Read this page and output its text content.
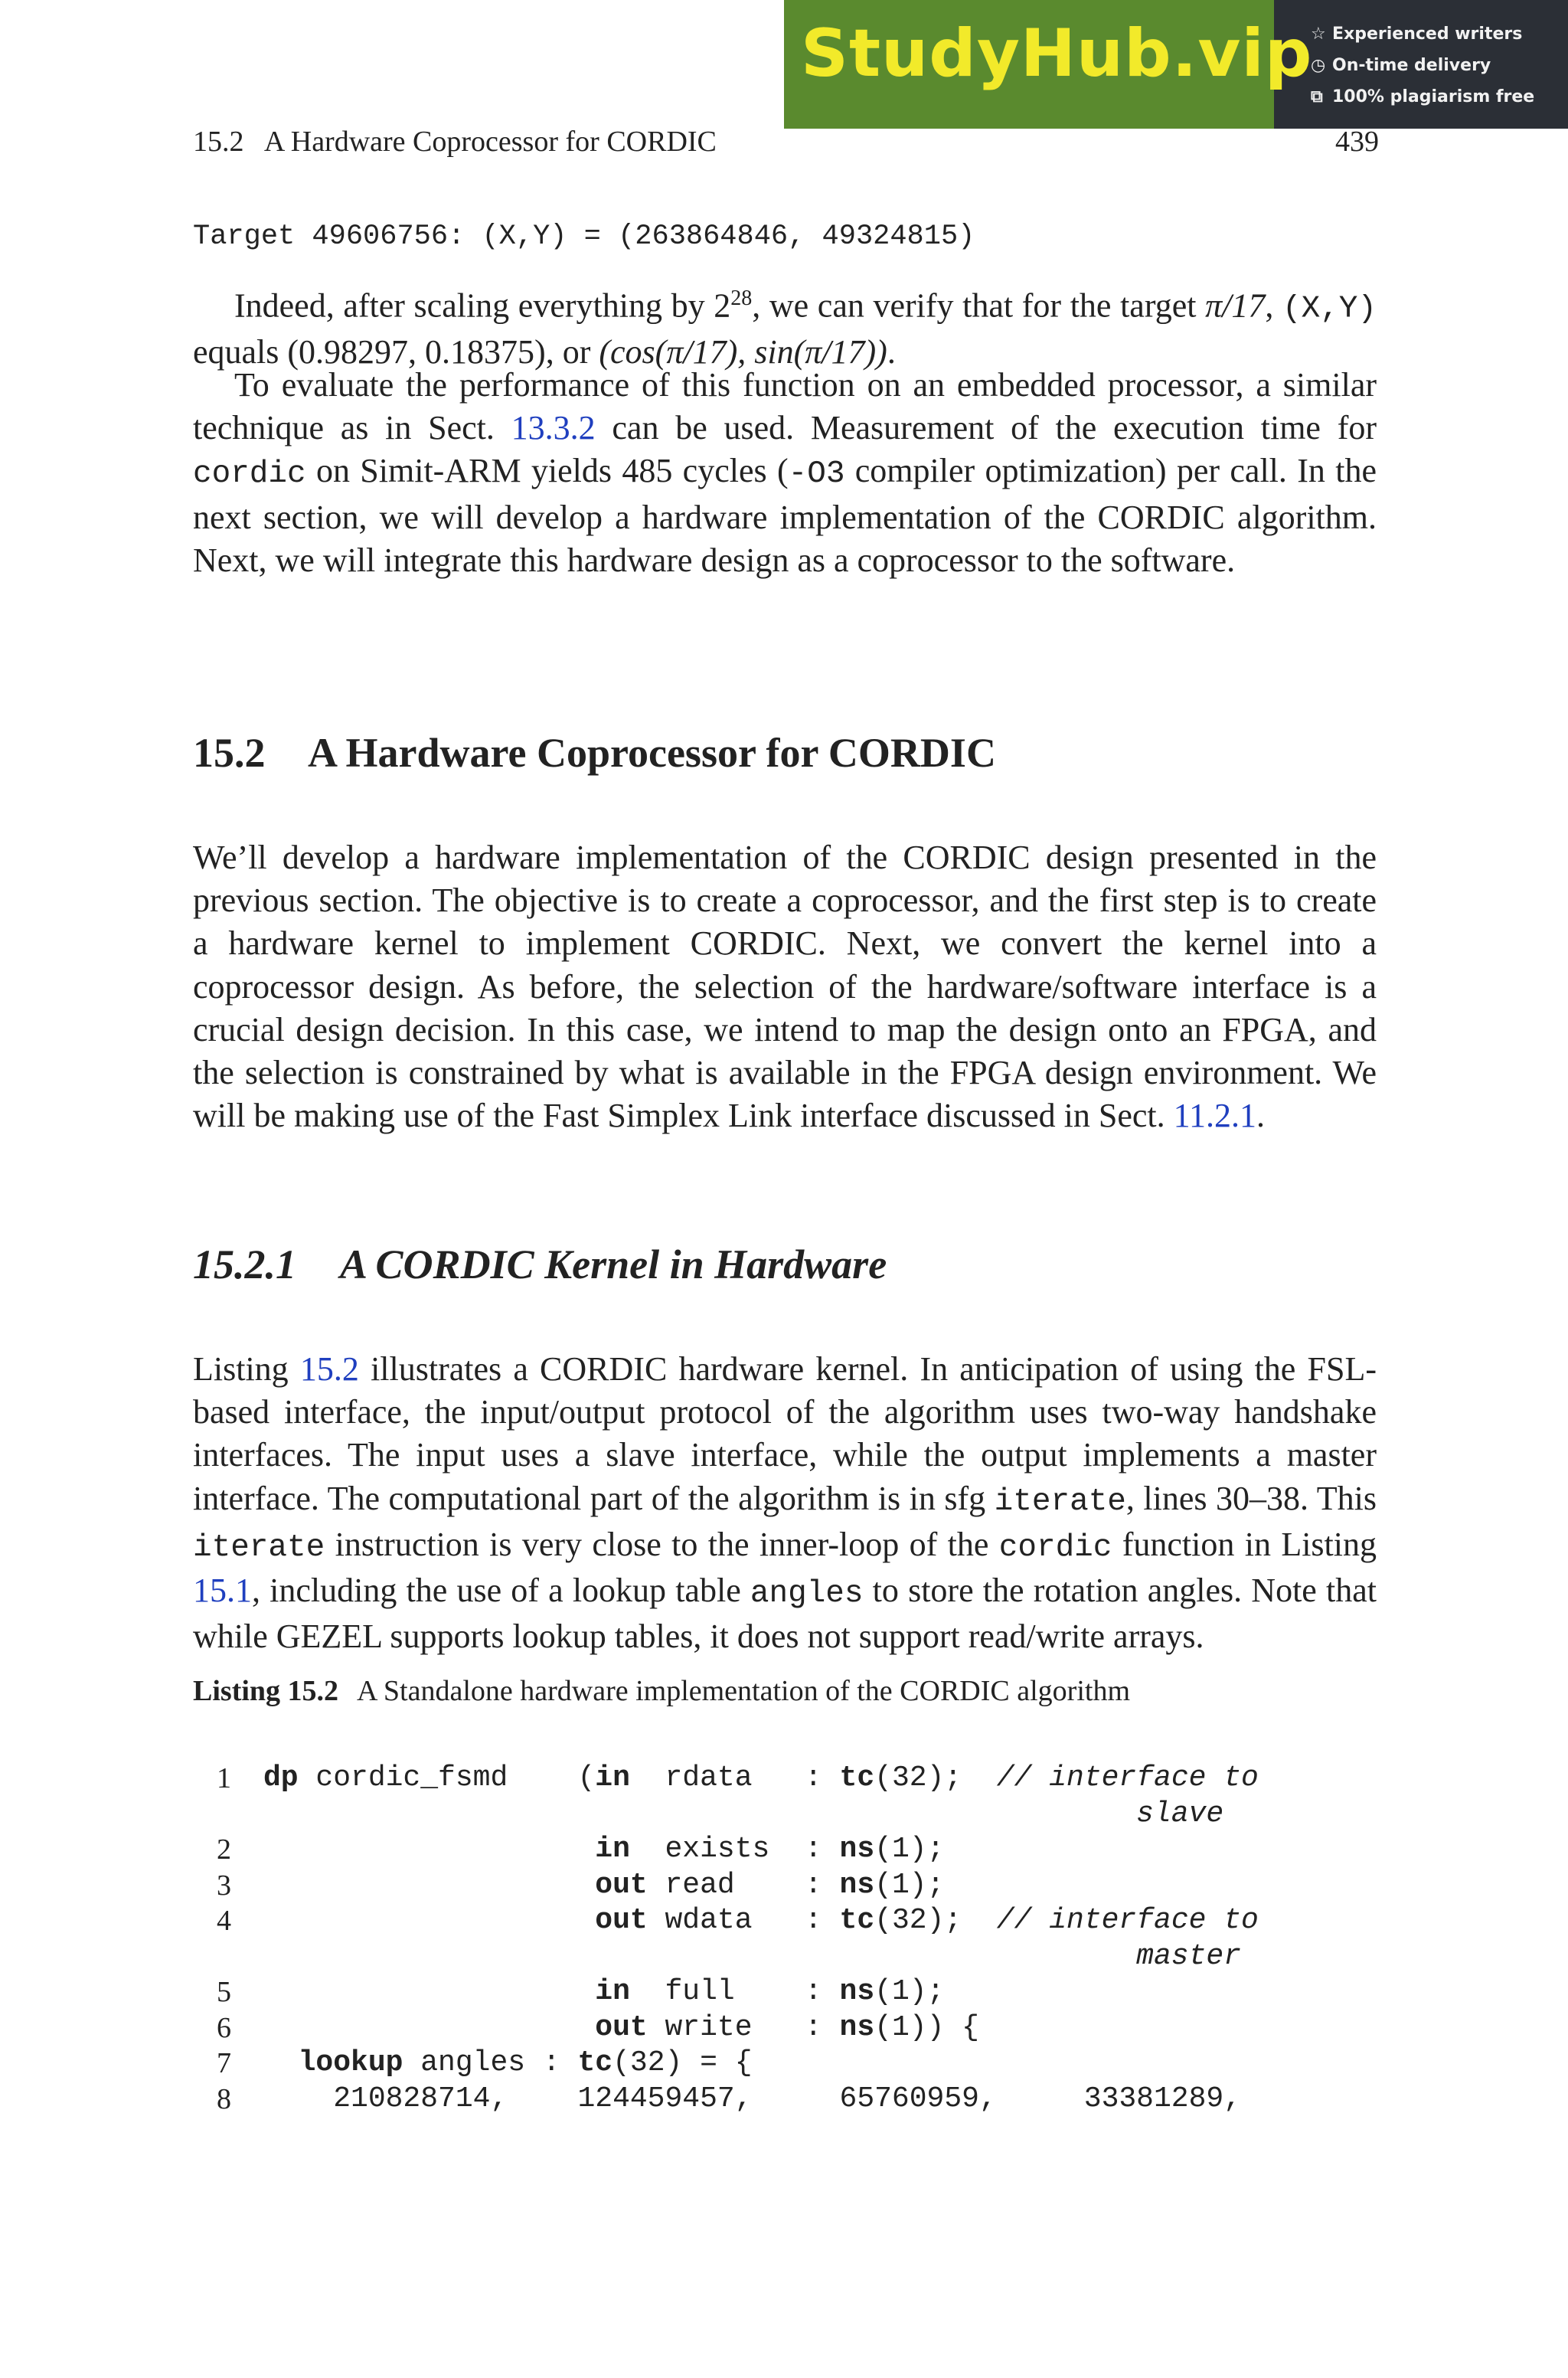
StudyHub.vip
☆ Experienced writers
◷ On-time delivery
⧉ 100% plagiarism free
15.2   A Hardware Coprocessor for CORDIC	439
Target 49606756: (X,Y) = (263864846, 49324815)
Indeed, after scaling everything by $2^{28}$, we can verify that for the target π/17, (X,Y) equals (0.98297, 0.18375), or (cos(π/17), sin(π/17)).
To evaluate the performance of this function on an embedded processor, a similar technique as in Sect. 13.3.2 can be used. Measurement of the execution time for cordic on Simit-ARM yields 485 cycles (-O3 compiler optimization) per call. In the next section, we will develop a hardware implementation of the CORDIC algorithm. Next, we will integrate this hardware design as a coprocessor to the software.
15.2 A Hardware Coprocessor for CORDIC
We’ll develop a hardware implementation of the CORDIC design presented in the previous section. The objective is to create a coprocessor, and the first step is to create a hardware kernel to implement CORDIC. Next, we convert the kernel into a coprocessor design. As before, the selection of the hardware/software interface is a crucial design decision. In this case, we intend to map the design onto an FPGA, and the selection is constrained by what is available in the FPGA design environment. We will be making use of the Fast Simplex Link interface discussed in Sect. 11.2.1.
15.2.1 A CORDIC Kernel in Hardware
Listing 15.2 illustrates a CORDIC hardware kernel. In anticipation of using the FSL-based interface, the input/output protocol of the algorithm uses two-way handshake interfaces. The input uses a slave interface, while the output implements a master interface. The computational part of the algorithm is in sfg iterate, lines 30–38. This iterate instruction is very close to the inner-loop of the cordic function in Listing 15.1, including the use of a lookup table angles to store the rotation angles. Note that while GEZEL supports lookup tables, it does not support read/write arrays.
Listing 15.2 A Standalone hardware implementation of the CORDIC algorithm
1 dp cordic_fsmd    (in  rdata   : tc(32);  // interface to
slave
2	in  exists  : ns(1);
3	out read    : ns(1);
4	out wdata   : tc(32);  // interface to
master
5	in  full    : ns(1);
6	out write   : ns(1)) {
7	lookup angles : tc(32) = {
8 210828714,    124459457,     65760959,     33381289,
